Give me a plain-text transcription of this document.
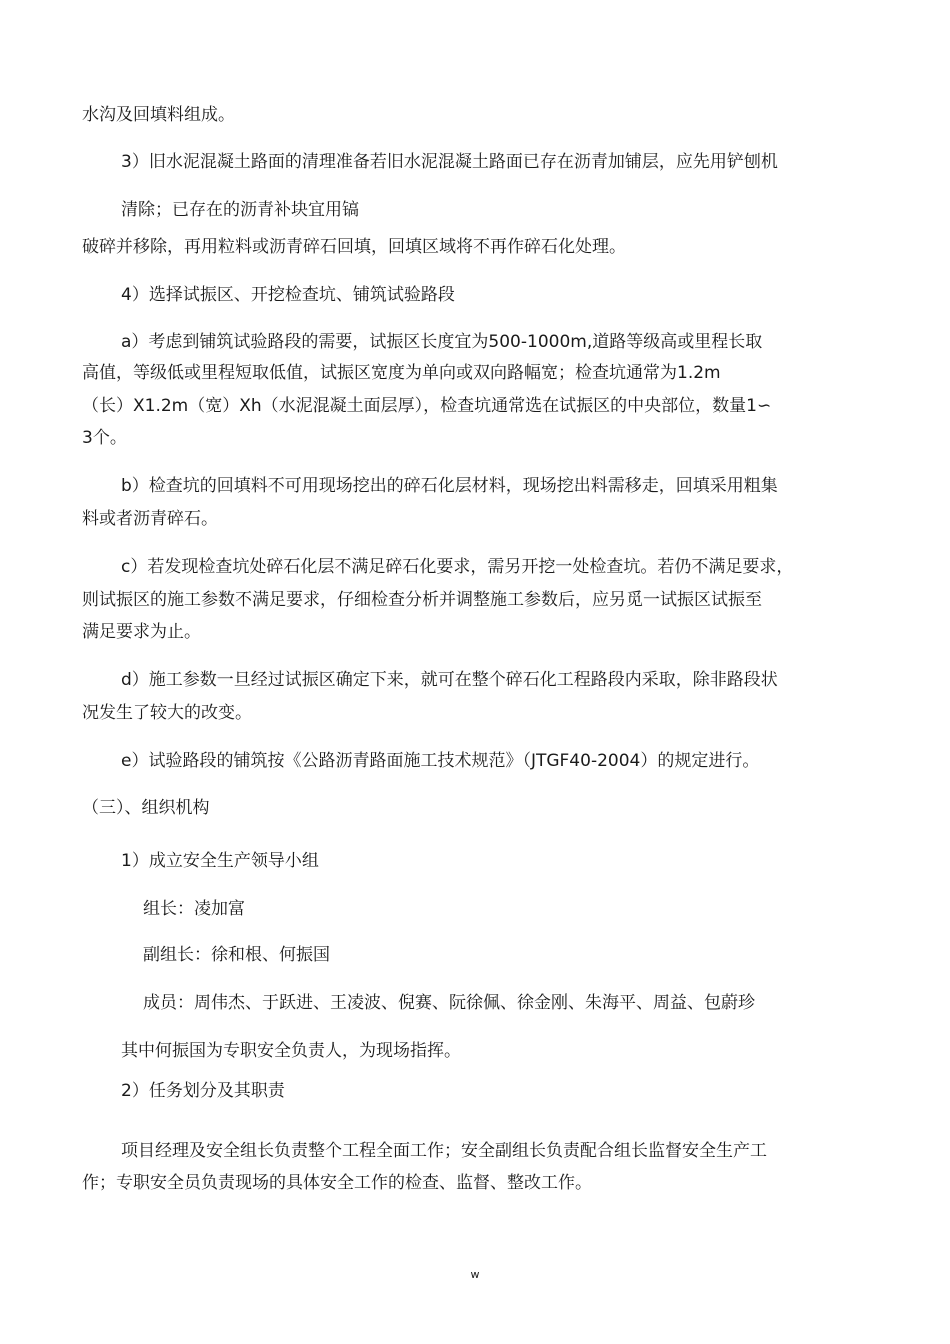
水沟及回填料组成。
3）旧水泥混凝土路面的清理准备若旧水泥混凝土路面已存在沥青加铺层，应先用铲刨机
清除；已存在的沥青补块宜用镐
破碎并移除，再用粒料或沥青碎石回填，回填区域将不再作碎石化处理。
4）选择试振区、开挖检查坑、铺筑试验路段
a）考虑到铺筑试验路段的需要，试振区长度宜为500-1000m,道路等级高或里程长取
高值，等级低或里程短取低值，试振区宽度为单向或双向路幅宽；检查坑通常为1.2m
（长）X1.2m（宽）Xh（水泥混凝土面层厚），检查坑通常选在试振区的中央部位，数量1∽
3个。
b）检查坑的回填料不可用现场挖出的碎石化层材料，现场挖出料需移走，回填采用粗集
料或者沥青碎石。
c）若发现检查坑处碎石化层不满足碎石化要求，需另开挖一处检查坑。若仍不满足要求，
则试振区的施工参数不满足要求，仔细检查分析并调整施工参数后，应另觅一试振区试振至
满足要求为止。
d）施工参数一旦经过试振区确定下来，就可在整个碎石化工程路段内采取，除非路段状
况发生了较大的改变。
e）试验路段的铺筑按《公路沥青路面施工技术规范》（JTGF40-2004）的规定进行。
（三）、组织机构
1）成立安全生产领导小组
组长：凌加富
副组长：徐和根、何振国
成员：周伟杰、于跃进、王凌波、倪赛、阮徐佩、徐金刚、朱海平、周益、包蔚珍
其中何振国为专职安全负责人，为现场指挥。
2）任务划分及其职责
项目经理及安全组长负责整个工程全面工作；安全副组长负责配合组长监督安全生产工
作；专职安全员负责现场的具体安全工作的检查、监督、整改工作。
w
